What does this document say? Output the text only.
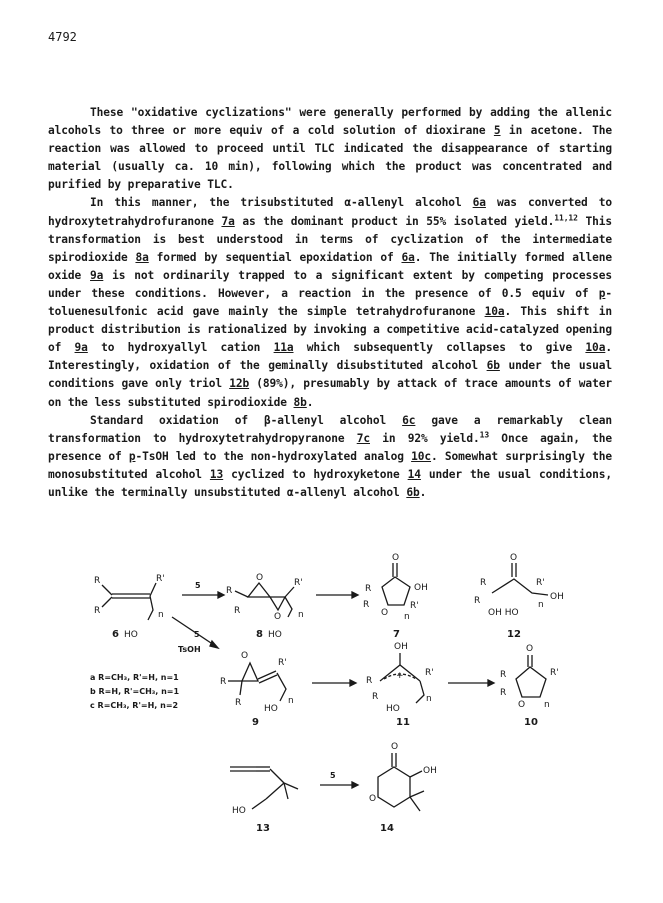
4792

These "oxidative cyclizations" were generally performed by adding the allenic alcohols to three or more equiv of a cold solution of dioxirane 5 in acetone. The reaction was allowed to proceed until TLC indicated the disappearance of starting material (usually ca. 10 min), following which the product was concentrated and purified by preparative TLC.

In this manner, the trisubstituted α-allenyl alcohol 6a was converted to hydroxytetrahydrofuranone 7a as the dominant product in 55% isolated yield.$^{11,12}$ This transformation is best understood in terms of cyclization of the intermediate spirodioxide 8a formed by sequential epoxidation of 6a. The initially formed allene oxide 9a is not ordinarily trapped to a significant extent by competing processes under these conditions. However, a reaction in the presence of 0.5 equiv of p-toluenesulfonic acid gave mainly the simple tetrahydrofuranone 10a. This shift in product distribution is rationalized by invoking a competitive acid-catalyzed opening of 9a to hydroxyallyl cation 11a which subsequently collapses to give 10a. Interestingly, oxidation of the geminally disubstituted alcohol 6b under the usual conditions gave only triol 12b (89%), presumably by attack of trace amounts of water on the less substituted spirodioxide 8b.

Standard oxidation of β-allenyl alcohol 6c gave a remarkably clean transformation to hydroxytetrahydropyranone 7c in 92% yield.$^{13}$ Once again, the presence of p-TsOH led to the non-hydroxylated analog 10c. Somewhat surprisingly the monosubstituted alcohol 13 cyclized to hydroxyketone 14 under the usual conditions, unlike the terminally unsubstituted α-allenyl alcohol 6b.

R
R
R'
n
6 HO
5
5
TsOH
R
R
O
O
R'
n
8 HO
O
R
R
OH
R'
O n
7
O
R
R
R'
OH
OH HO
n
12
a R=CH₃, R'=H, n=1
b R=H, R'=CH₃, n=1
c R=CH₃, R'=H, n=2
O
R
R
R'
n
HO
9
OH
+
R
R
R'
n
HO
11
O
R
R
R'
O n
10
HO
13
5
O
OH
O
14
